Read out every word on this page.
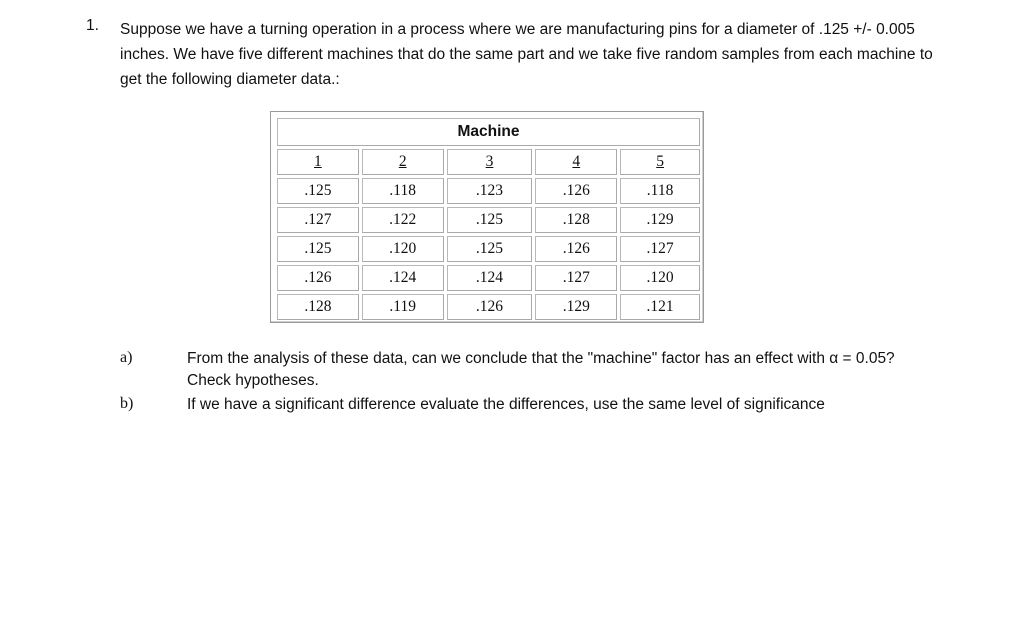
1. Suppose we have a turning operation in a process where we are manufacturing pins for a diameter of .125 +/- 0.005 inches. We have five different machines that do the same part and we take five random samples from each machine to get the following diameter data.:
Machine				
1	2	3	4	5
.125	.118	.123	.126	.118
.127	.122	.125	.128	.129
.125	.120	.125	.126	.127
.126	.124	.124	.127	.120
.128	.119	.126	.129	.121
a)	From the analysis of these data, can we conclude that the "machine" factor has an effect with α = 0.05? Check hypotheses.
b)	If we have a significant difference evaluate the differences, use the same level of significance
